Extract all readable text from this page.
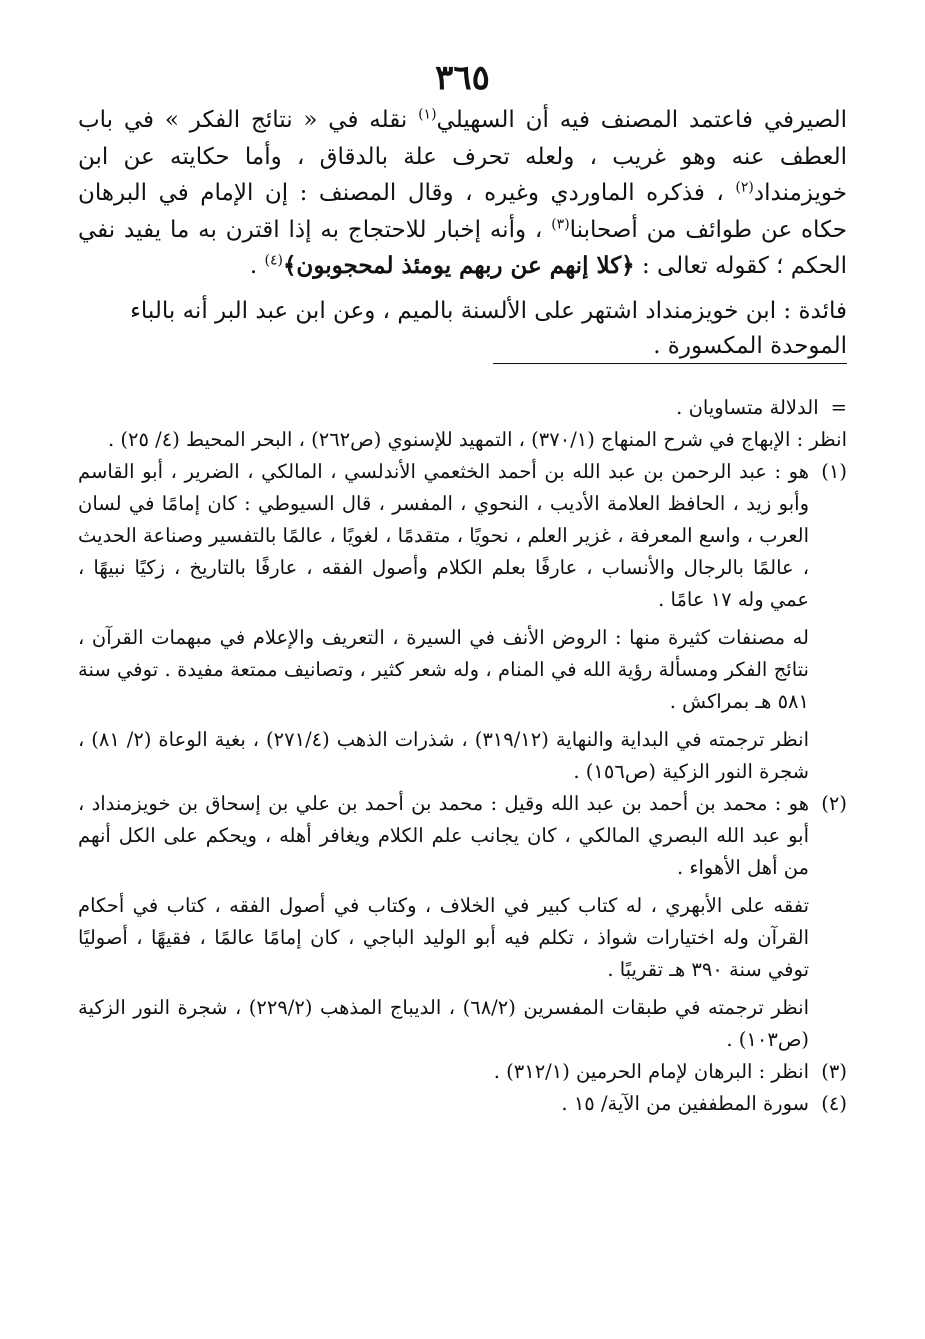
٣٦٥

الصيرفي فاعتمد المصنف فيه أن السهيلي$^{(١)}$ نقله في « نتائج الفكر » في باب العطف عنه وهو غريب ، ولعله تحرف علة بالدقاق ، وأما حكايته عن ابن خويزمنداد$^{(٢)}$ ، فذكره الماوردي وغيره ، وقال المصنف : إن الإمام في البرهان حكاه عن طوائف من أصحابنا$^{(٣)}$ ، وأنه إخبار للاحتجاج به إذا اقترن به ما يفيد نفي الحكم ؛ كقوله تعالى : ﴿كلا إنهم عن ربهم يومئذ لمحجوبون﴾$^{(٤)}$ .

فائدة : ابن خويزمنداد اشتهر على الألسنة بالميم ، وعن ابن عبد البر أنه بالباء

الموحدة المكسورة .

=الدلالة متساويان .

انظر : الإبهاج في شرح المنهاج (٣٧٠/١) ، التمهيد للإسنوي (ص٢٦٢) ، البحر المحيط (٤/ ٢٥) .

(١)

هو : عبد الرحمن بن عبد الله بن أحمد الخثعمي الأندلسي ، المالكي ، الضرير ، أبو القاسم وأبو زيد ، الحافظ العلامة الأديب ، النحوي ، المفسر ، قال السيوطي : كان إمامًا في لسان العرب ، واسع المعرفة ، غزير العلم ، نحويًا ، متقدمًا ، لغويًا ، عالمًا بالتفسير وصناعة الحديث ، عالمًا بالرجال والأنساب ، عارفًا بعلم الكلام وأصول الفقه ، عارفًا بالتاريخ ، زكيًا نبيهًا ، عمي وله ١٧ عامًا .

له مصنفات كثيرة منها : الروض الأنف في السيرة ، التعريف والإعلام في مبهمات القرآن ، نتائج الفكر ومسألة رؤية الله في المنام ، وله شعر كثير ، وتصانيف ممتعة مفيدة . توفي سنة ٥٨١ هـ بمراكش .

انظر ترجمته في البداية والنهاية (٣١٩/١٢) ، شذرات الذهب (٢٧١/٤) ، بغية الوعاة (٢/ ٨١) ، شجرة النور الزكية (ص١٥٦) .

(٢)

هو : محمد بن أحمد بن عبد الله وقيل : محمد بن أحمد بن علي بن إسحاق بن خويزمنداد ، أبو عبد الله البصري المالكي ، كان يجانب علم الكلام ويغافر أهله ، ويحكم على الكل أنهم من أهل الأهواء .

تفقه على الأبهري ، له كتاب كبير في الخلاف ، وكتاب في أصول الفقه ، كتاب في أحكام القرآن وله اختيارات شواذ ، تكلم فيه أبو الوليد الباجي ، كان إمامًا عالمًا ، فقيهًا ، أصوليًا توفي سنة ٣٩٠ هـ تقريبًا .

انظر ترجمته في طبقات المفسرين (٦٨/٢) ، الديباج المذهب (٢٢٩/٢) ، شجرة النور الزكية (ص١٠٣) .

(٣)

انظر : البرهان لإمام الحرمين (٣١٢/١) .

(٤)

سورة المطففين من الآية/ ١٥ .
